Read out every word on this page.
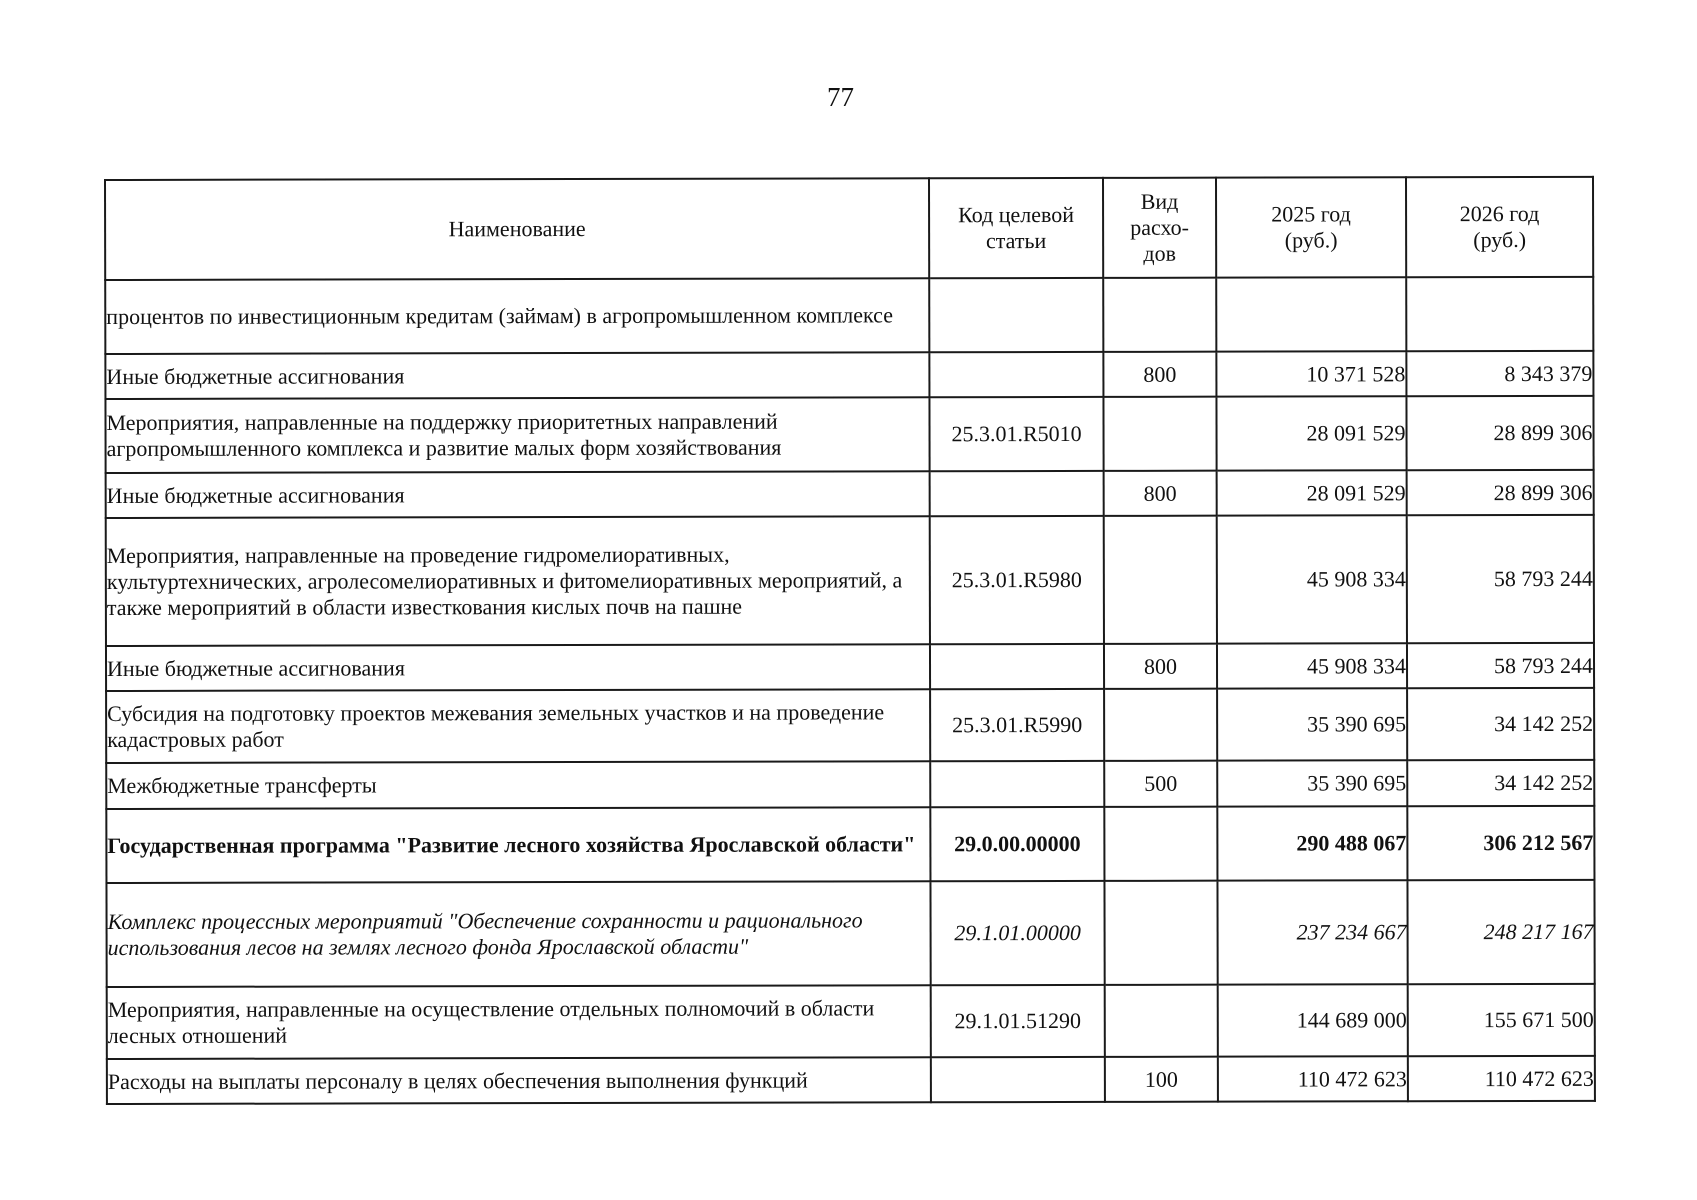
77
Наименование	Код целевой статьи	Вид расхо-дов	2025 год (руб.)	2026 год (руб.)

процентов по инвестиционным кредитам (займам) в агропромышленном комплексе				
Иные бюджетные ассигнования		800	10 371 528	8 343 379
Мероприятия, направленные на поддержку приоритетных направлений агропромышленного комплекса и развитие малых форм хозяйствования	25.3.01.R5010		28 091 529	28 899 306
Иные бюджетные ассигнования		800	28 091 529	28 899 306
Мероприятия, направленные на проведение гидромелиоративных, культуртехнических, агролесомелиоративных и фитомелиоративных мероприятий, а также мероприятий в области известкования кислых почв на пашне	25.3.01.R5980		45 908 334	58 793 244
Иные бюджетные ассигнования		800	45 908 334	58 793 244
Субсидия на подготовку проектов межевания земельных участков и на проведение кадастровых работ	25.3.01.R5990		35 390 695	34 142 252
Межбюджетные трансферты		500	35 390 695	34 142 252
Государственная программа "Развитие лесного хозяйства Ярославской области"	29.0.00.00000		290 488 067	306 212 567
Комплекс процессных мероприятий "Обеспечение сохранности и рационального использования лесов на землях лесного фонда Ярославской области"	29.1.01.00000		237 234 667	248 217 167
Мероприятия, направленные на осуществление отдельных полномочий в области лесных отношений	29.1.01.51290		144 689 000	155 671 500
Расходы на выплаты персоналу в целях обеспечения выполнения функций		100	110 472 623	110 472 623
